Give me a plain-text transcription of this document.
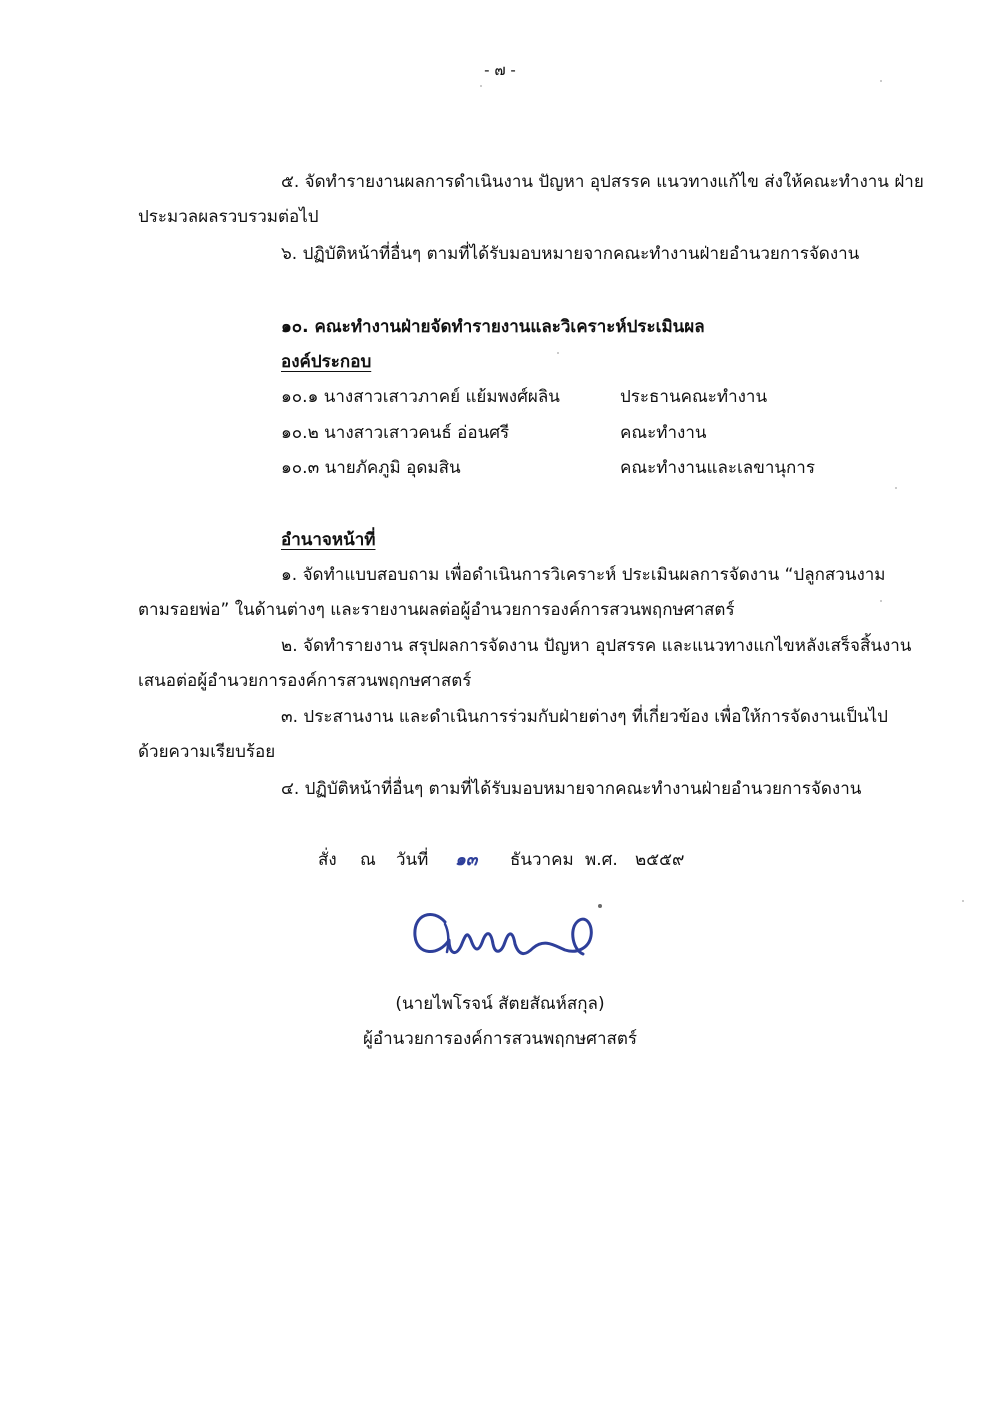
- ๗ -
๕. จัดทำรายงานผลการดำเนินงาน ปัญหา อุปสรรค แนวทางแก้ไข ส่งให้คณะทำงาน ฝ่าย
ประมวลผลรวบรวมต่อไป
๖. ปฏิบัติหน้าที่อื่นๆ ตามที่ได้รับมอบหมายจากคณะทำงานฝ่ายอำนวยการจัดงาน
๑๐. คณะทำงานฝ่ายจัดทำรายงานและวิเคราะห์ประเมินผล
องค์ประกอบ
๑๐.๑ นางสาวเสาวภาคย์ แย้มพงศ์ผลิน	ประธานคณะทำงาน
๑๐.๒ นางสาวเสาวคนธ์ อ่อนศรี	คณะทำงาน
๑๐.๓ นายภัคภูมิ อุดมสิน	คณะทำงานและเลขานุการ
อำนาจหน้าที่
๑. จัดทำแบบสอบถาม เพื่อดำเนินการวิเคราะห์ ประเมินผลการจัดงาน “ปลูกสวนงาม
ตามรอยพ่อ” ในด้านต่างๆ และรายงานผลต่อผู้อำนวยการองค์การสวนพฤกษศาสตร์
๒. จัดทำรายงาน สรุปผลการจัดงาน ปัญหา อุปสรรค และแนวทางแกไขหลังเสร็จสิ้นงาน
เสนอต่อผู้อำนวยการองค์การสวนพฤกษศาสตร์
๓. ประสานงาน และดำเนินการร่วมกับฝ่ายต่างๆ ที่เกี่ยวข้อง เพื่อให้การจัดงานเป็นไป
ด้วยความเรียบร้อย
๔. ปฏิบัติหน้าที่อื่นๆ ตามที่ได้รับมอบหมายจากคณะทำงานฝ่ายอำนวยการจัดงาน
สั่ง ณ วันที่ ๑๓ ธันวาคม พ.ศ. ๒๕๕๙
(นายไพโรจน์ สัตยสัณห์สกุล)
ผู้อำนวยการองค์การสวนพฤกษศาสตร์
